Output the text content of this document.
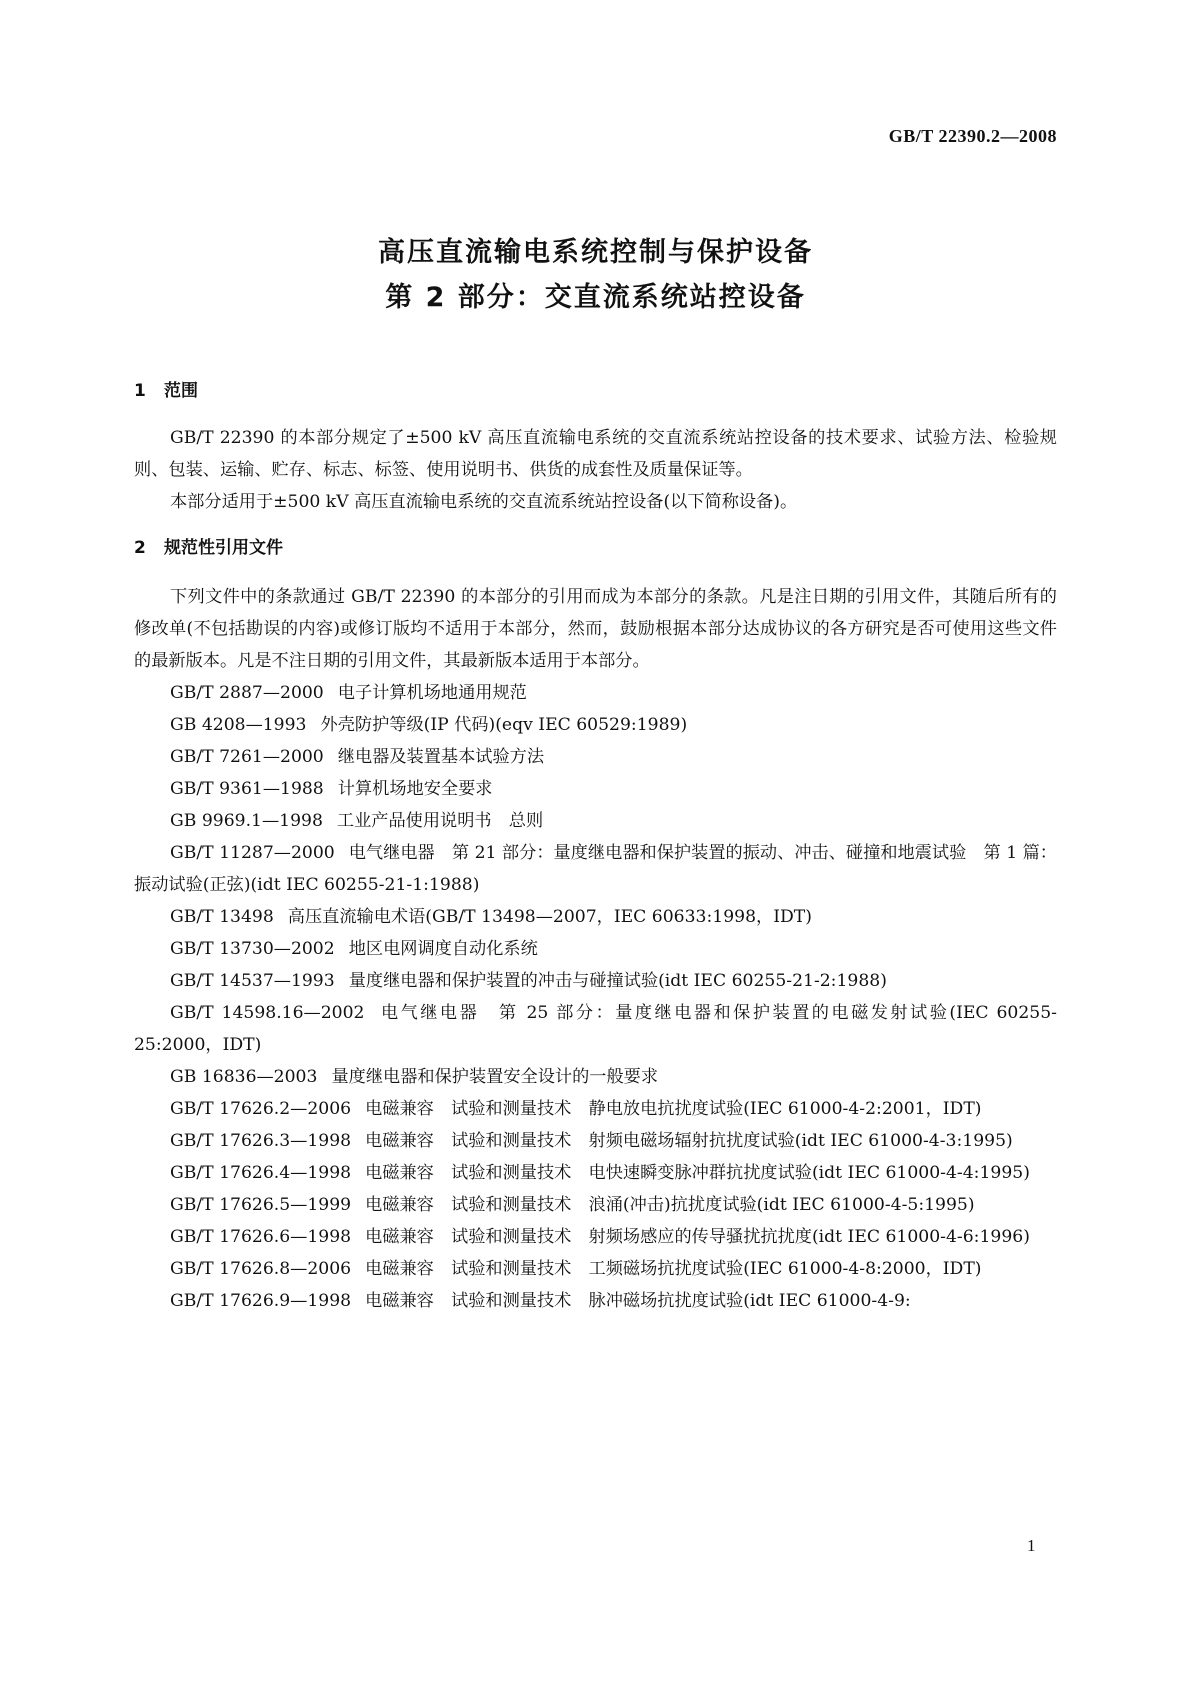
GB/T 22390.2—2008
高压直流输电系统控制与保护设备
第 2 部分：交直流系统站控设备
1 范围

GB/T 22390 的本部分规定了±500 kV 高压直流输电系统的交直流系统站控设备的技术要求、试验方法、检验规则、包装、运输、贮存、标志、标签、使用说明书、供货的成套性及质量保证等。

本部分适用于±500 kV 高压直流输电系统的交直流系统站控设备(以下简称设备)。

2 规范性引用文件

下列文件中的条款通过 GB/T 22390 的本部分的引用而成为本部分的条款。凡是注日期的引用文件，其随后所有的修改单(不包括勘误的内容)或修订版均不适用于本部分，然而，鼓励根据本部分达成协议的各方研究是否可使用这些文件的最新版本。凡是不注日期的引用文件，其最新版本适用于本部分。

GB/T 2887—2000 电子计算机场地通用规范

GB 4208—1993 外壳防护等级(IP 代码)(eqv IEC 60529:1989)

GB/T 7261—2000 继电器及装置基本试验方法

GB/T 9361—1988 计算机场地安全要求

GB 9969.1—1998 工业产品使用说明书　总则

GB/T 11287—2000 电气继电器　第 21 部分：量度继电器和保护装置的振动、冲击、碰撞和地震试验　第 1 篇：振动试验(正弦)(idt IEC 60255-21-1:1988)

GB/T 13498 高压直流输电术语(GB/T 13498—2007，IEC 60633:1998，IDT)

GB/T 13730—2002 地区电网调度自动化系统

GB/T 14537—1993 量度继电器和保护装置的冲击与碰撞试验(idt IEC 60255-21-2:1988)

GB/T 14598.16—2002 电气继电器　第 25 部分：量度继电器和保护装置的电磁发射试验(IEC 60255-25:2000，IDT)

GB 16836—2003 量度继电器和保护装置安全设计的一般要求

GB/T 17626.2—2006 电磁兼容　试验和测量技术　静电放电抗扰度试验(IEC 61000-4-2:2001，IDT)

GB/T 17626.3—1998 电磁兼容　试验和测量技术　射频电磁场辐射抗扰度试验(idt IEC 61000-4-3:1995)

GB/T 17626.4—1998 电磁兼容　试验和测量技术　电快速瞬变脉冲群抗扰度试验(idt IEC 61000-4-4:1995)

GB/T 17626.5—1999 电磁兼容　试验和测量技术　浪涌(冲击)抗扰度试验(idt IEC 61000-4-5:1995)

GB/T 17626.6—1998 电磁兼容　试验和测量技术　射频场感应的传导骚扰抗扰度(idt IEC 61000-4-6:1996)

GB/T 17626.8—2006 电磁兼容　试验和测量技术　工频磁场抗扰度试验(IEC 61000-4-8:2000，IDT)

GB/T 17626.9—1998 电磁兼容　试验和测量技术　脉冲磁场抗扰度试验(idt IEC 61000-4-9:

1
